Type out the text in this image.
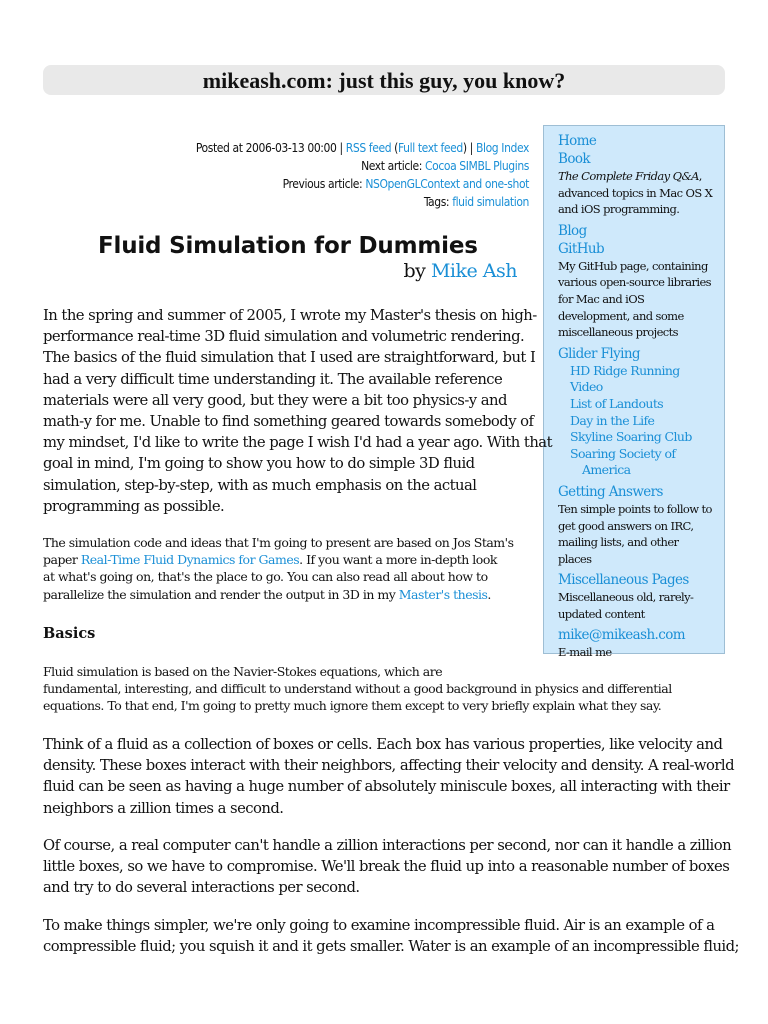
mikeash.com: just this guy, you know?
Posted at 2006-03-13 00:00 | RSS feed (Full text feed) | Blog Index
Next article: Cocoa SIMBL Plugins
Previous article: NSOpenGLContext and one-shot
Tags: fluid simulation
Home
Book
The Complete Friday Q&A, advanced topics in Mac OS X and iOS programming.
Blog
GitHub
My GitHub page, containing various open-source libraries for Mac and iOS development, and some miscellaneous projects
Glider Flying
HD Ridge Running Video
List of Landouts
Day in the Life
Skyline Soaring Club
Soaring Society of
America
Getting Answers
Ten simple points to follow to get good answers on IRC, mailing lists, and other places
Miscellaneous Pages
Miscellaneous old, rarely-updated content
mike@mikeash.com
E-mail me
Fluid Simulation for Dummies
by Mike Ash
In the spring and summer of 2005, I wrote my Master's thesis on high-
performance real-time 3D fluid simulation and volumetric rendering.
The basics of the fluid simulation that I used are straightforward, but I
had a very difficult time understanding it. The available reference
materials were all very good, but they were a bit too physics-y and
math-y for me. Unable to find something geared towards somebody of
my mindset, I'd like to write the page I wish I'd had a year ago. With that
goal in mind, I'm going to show you how to do simple 3D fluid
simulation, step-by-step, with as much emphasis on the actual
programming as possible.
The simulation code and ideas that I'm going to present are based on Jos Stam's
paper Real-Time Fluid Dynamics for Games. If you want a more in-depth look
at what's going on, that's the place to go. You can also read all about how to
parallelize the simulation and render the output in 3D in my Master's thesis.
Basics
Fluid simulation is based on the Navier-Stokes equations, which are
fundamental, interesting, and difficult to understand without a good background in physics and differential
equations. To that end, I'm going to pretty much ignore them except to very briefly explain what they say.
Think of a fluid as a collection of boxes or cells. Each box has various properties, like velocity and
density. These boxes interact with their neighbors, affecting their velocity and density. A real-world
fluid can be seen as having a huge number of absolutely miniscule boxes, all interacting with their
neighbors a zillion times a second.
Of course, a real computer can't handle a zillion interactions per second, nor can it handle a zillion
little boxes, so we have to compromise. We'll break the fluid up into a reasonable number of boxes
and try to do several interactions per second.
To make things simpler, we're only going to examine incompressible fluid. Air is an example of a
compressible fluid; you squish it and it gets smaller. Water is an example of an incompressible fluid;
